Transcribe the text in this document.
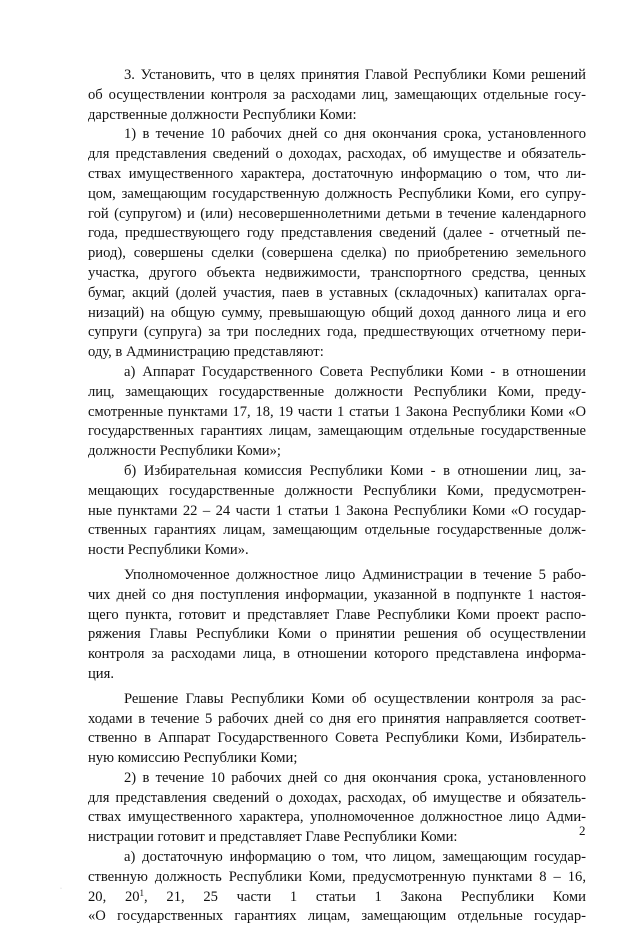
3. Установить, что в целях принятия Главой Республики Коми решений
об осуществлении контроля за расходами лиц, замещающих отдельные госу-
дарственные должности Республики Коми:
1) в течение 10 рабочих дней со дня окончания срока, установленного
для представления сведений о доходах, расходах, об имуществе и обязатель-
ствах имущественного характера, достаточную информацию о том, что ли-
цом, замещающим государственную должность Республики Коми, его супру-
гой (супругом) и (или) несовершеннолетними детьми в течение календарного
года, предшествующего году представления сведений (далее - отчетный пе-
риод), совершены сделки (совершена сделка) по приобретению земельного
участка, другого объекта недвижимости, транспортного средства, ценных
бумаг, акций (долей участия, паев в уставных (складочных) капиталах орга-
низаций) на общую сумму, превышающую общий доход данного лица и его
супруги (супруга) за три последних года, предшествующих отчетному пери-
оду, в Администрацию представляют:
а) Аппарат Государственного Совета Республики Коми - в отношении
лиц, замещающих государственные должности Республики Коми, преду-
смотренные пунктами 17, 18, 19 части 1 статьи 1 Закона Республики Коми «О
государственных гарантиях лицам, замещающим отдельные государственные
должности Республики Коми»;
б) Избирательная комиссия Республики Коми - в отношении лиц, за-
мещающих государственные должности Республики Коми, предусмотрен-
ные пунктами 22 – 24 части 1 статьи 1 Закона Республики Коми «О государ-
ственных гарантиях лицам, замещающим отдельные государственные долж-
ности Республики Коми».
Уполномоченное должностное лицо Администрации в течение 5 рабо-
чих дней со дня поступления информации, указанной в подпункте 1 настоя-
щего пункта, готовит и представляет Главе Республики Коми проект распо-
ряжения Главы Республики Коми о принятии решения об осуществлении
контроля за расходами лица, в отношении которого представлена информа-
ция.
Решение Главы Республики Коми об осуществлении контроля за рас-
ходами в течение 5 рабочих дней со дня его принятия направляется соответ-
ственно в Аппарат Государственного Совета Республики Коми, Избиратель-
ную комиссию Республики Коми;
2) в течение 10 рабочих дней со дня окончания срока, установленного
для представления сведений о доходах, расходах, об имуществе и обязатель-
ствах имущественного характера, уполномоченное должностное лицо Адми-
нистрации готовит и представляет Главе Республики Коми:
а) достаточную информацию о том, что лицом, замещающим государ-
ственную должность Республики Коми, предусмотренную пунктами 8 – 16,
20, $20^1$, 21, 25 части 1 статьи 1 Закона Республики Коми
«О государственных гарантиях лицам, замещающим отдельные государ-
2
·
